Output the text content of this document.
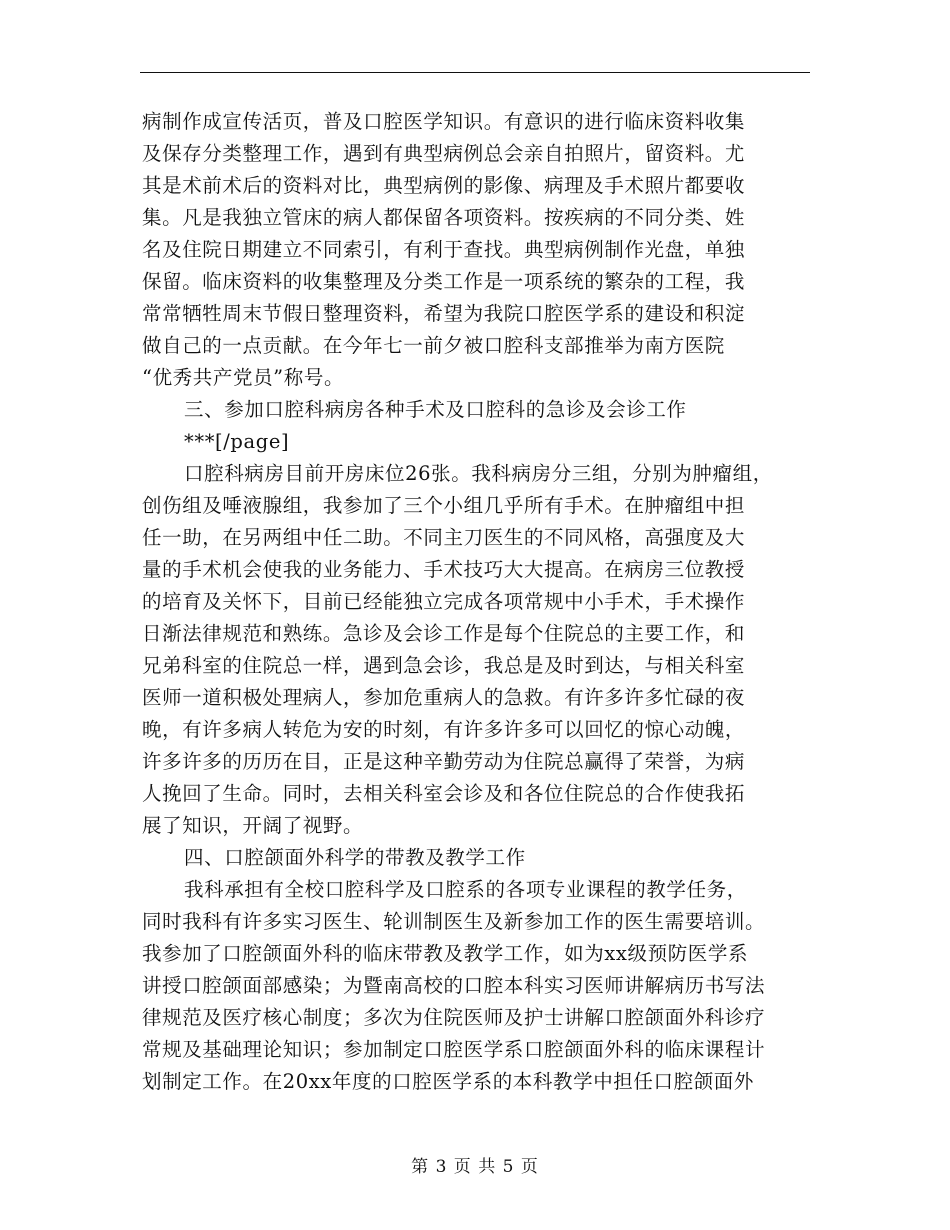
病制作成宣传活页，普及口腔医学知识。有意识的进行临床资料收集
及保存分类整理工作，遇到有典型病例总会亲自拍照片，留资料。尤
其是术前术后的资料对比，典型病例的影像、病理及手术照片都要收
集。凡是我独立管床的病人都保留各项资料。按疾病的不同分类、姓
名及住院日期建立不同索引，有利于查找。典型病例制作光盘，单独
保留。临床资料的收集整理及分类工作是一项系统的繁杂的工程，我
常常牺牲周末节假日整理资料，希望为我院口腔医学系的建设和积淀
做自己的一点贡献。在今年七一前夕被口腔科支部推举为南方医院
“优秀共产党员”称号。
三、参加口腔科病房各种手术及口腔科的急诊及会诊工作
***[/page]
口腔科病房目前开房床位26张。我科病房分三组，分别为肿瘤组，
创伤组及唾液腺组，我参加了三个小组几乎所有手术。在肿瘤组中担
任一助，在另两组中任二助。不同主刀医生的不同风格，高强度及大
量的手术机会使我的业务能力、手术技巧大大提高。在病房三位教授
的培育及关怀下，目前已经能独立完成各项常规中小手术，手术操作
日渐法律规范和熟练。急诊及会诊工作是每个住院总的主要工作，和
兄弟科室的住院总一样，遇到急会诊，我总是及时到达，与相关科室
医师一道积极处理病人，参加危重病人的急救。有许多许多忙碌的夜
晚，有许多病人转危为安的时刻，有许多许多可以回忆的惊心动魄，
许多许多的历历在目，正是这种辛勤劳动为住院总赢得了荣誉，为病
人挽回了生命。同时，去相关科室会诊及和各位住院总的合作使我拓
展了知识，开阔了视野。
四、口腔颌面外科学的带教及教学工作
我科承担有全校口腔科学及口腔系的各项专业课程的教学任务，
同时我科有许多实习医生、轮训制医生及新参加工作的医生需要培训。
我参加了口腔颌面外科的临床带教及教学工作，如为xx级预防医学系
讲授口腔颌面部感染；为暨南高校的口腔本科实习医师讲解病历书写法
律规范及医疗核心制度；多次为住院医师及护士讲解口腔颌面外科诊疗
常规及基础理论知识；参加制定口腔医学系口腔颌面外科的临床课程计
划制定工作。在20xx年度的口腔医学系的本科教学中担任口腔颌面外
第 3 页 共 5 页
